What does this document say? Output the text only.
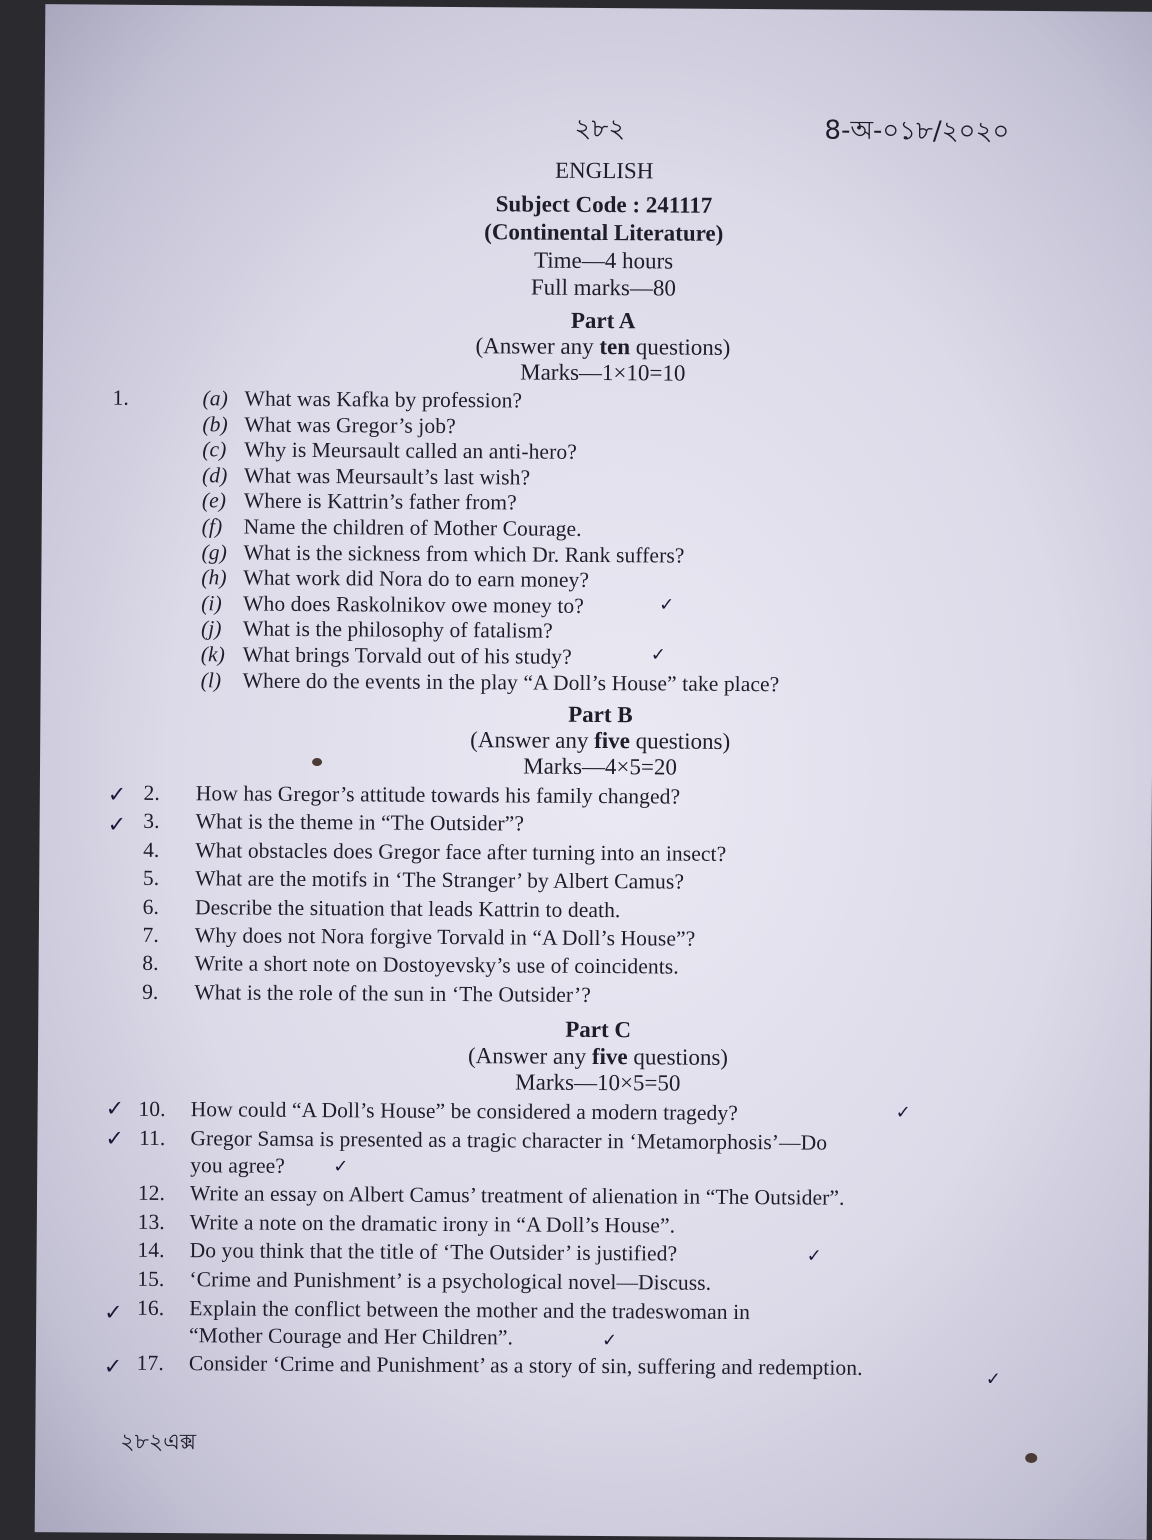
২৮২	8-অ-০১৮/২০২০
ENGLISH
Subject Code : 241117
(Continental Literature)
Time—4 hours
Full marks—80
Part A
(Answer any ten questions)
Marks—1×10=10
1.	(a) What was Kafka by profession?
(b) What was Gregor’s job?
(c) Why is Meursault called an anti-hero?
(d) What was Meursault’s last wish?
(e) Where is Kattrin’s father from?
(f) Name the children of Mother Courage.
(g) What is the sickness from which Dr. Rank suffers?
(h) What work did Nora do to earn money?
(i) Who does Raskolnikov owe money to?
(j) What is the philosophy of fatalism?
(k) What brings Torvald out of his study?
(l) Where do the events in the play “A Doll’s House” take place?
Part B
(Answer any five questions)
Marks—4×5=20
2. How has Gregor’s attitude towards his family changed?
3. What is the theme in “The Outsider”?
4. What obstacles does Gregor face after turning into an insect?
5. What are the motifs in ‘The Stranger’ by Albert Camus?
6. Describe the situation that leads Kattrin to death.
7. Why does not Nora forgive Torvald in “A Doll’s House”?
8. Write a short note on Dostoyevsky’s use of coincidents.
9. What is the role of the sun in ‘The Outsider’?
Part C
(Answer any five questions)
Marks—10×5=50
10. How could “A Doll’s House” be considered a modern tragedy?
11. Gregor Samsa is presented as a tragic character in ‘Metamorphosis’—Do
you agree?
12. Write an essay on Albert Camus’ treatment of alienation in “The Outsider”.
13. Write a note on the dramatic irony in “A Doll’s House”.
14. Do you think that the title of ‘The Outsider’ is justified?
15. ‘Crime and Punishment’ is a psychological novel—Discuss.
16. Explain the conflict between the mother and the tradeswoman in
“Mother Courage and Her Children”.
17. Consider ‘Crime and Punishment’ as a story of sin, suffering and redemption.
২৮২এক্স
✓
✓
✓
✓
✓
✓
✓
✓
✓
✓
✓
✓
✓
